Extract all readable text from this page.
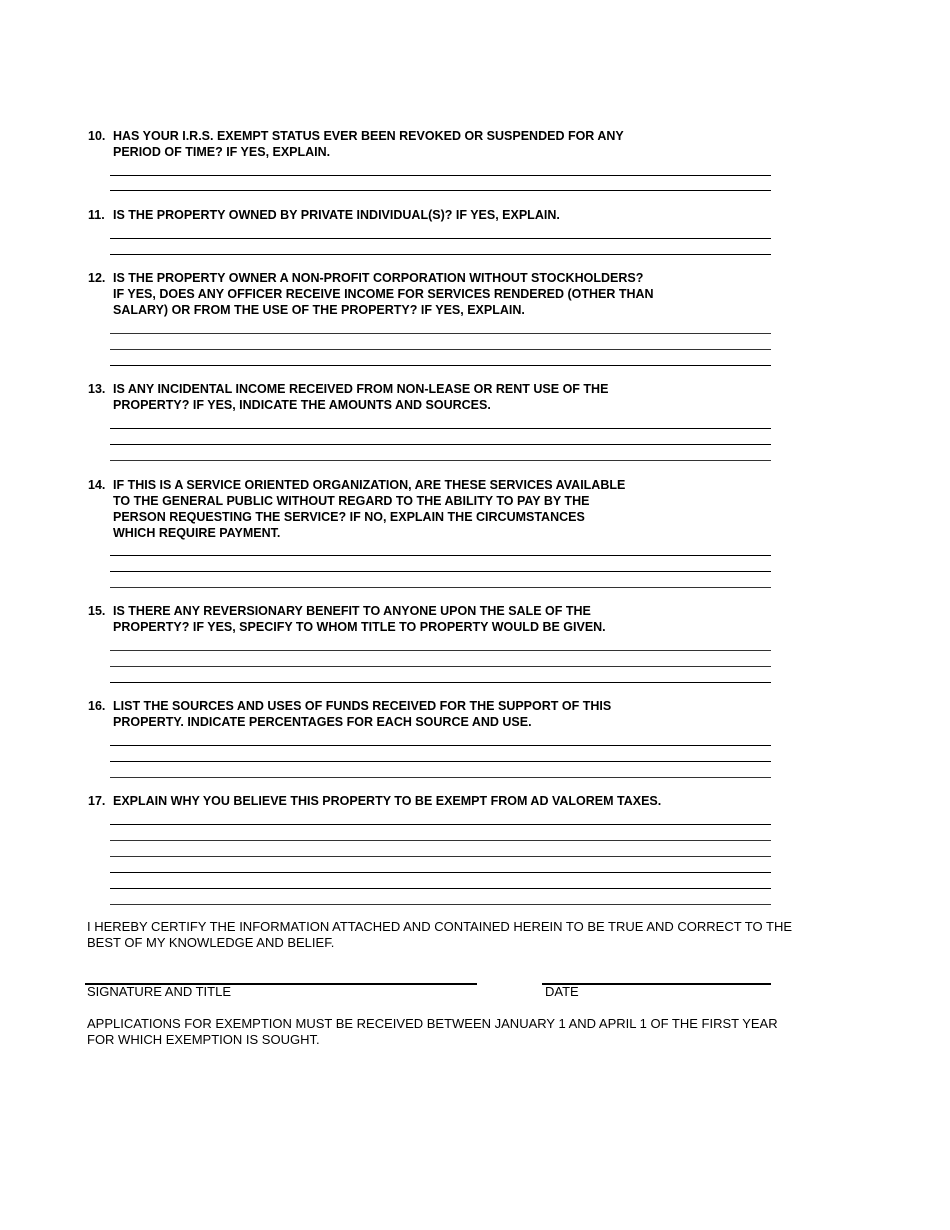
10. HAS YOUR I.R.S. EXEMPT STATUS EVER BEEN REVOKED OR SUSPENDED FOR ANY
PERIOD OF TIME? IF YES, EXPLAIN.
11. IS THE PROPERTY OWNED BY PRIVATE INDIVIDUAL(S)? IF YES, EXPLAIN.
12. IS THE PROPERTY OWNER A NON-PROFIT CORPORATION WITHOUT STOCKHOLDERS?
IF YES, DOES ANY OFFICER RECEIVE INCOME FOR SERVICES RENDERED (OTHER THAN
SALARY) OR FROM THE USE OF THE PROPERTY? IF YES, EXPLAIN.
13. IS ANY INCIDENTAL INCOME RECEIVED FROM NON-LEASE OR RENT USE OF THE
PROPERTY? IF YES, INDICATE THE AMOUNTS AND SOURCES.
14. IF THIS IS A SERVICE ORIENTED ORGANIZATION, ARE THESE SERVICES AVAILABLE
TO THE GENERAL PUBLIC WITHOUT REGARD TO THE ABILITY TO PAY BY THE
PERSON REQUESTING THE SERVICE? IF NO, EXPLAIN THE CIRCUMSTANCES
WHICH REQUIRE PAYMENT.
15. IS THERE ANY REVERSIONARY BENEFIT TO ANYONE UPON THE SALE OF THE
PROPERTY? IF YES, SPECIFY TO WHOM TITLE TO PROPERTY WOULD BE GIVEN.
16. LIST THE SOURCES AND USES OF FUNDS RECEIVED FOR THE SUPPORT OF THIS
PROPERTY. INDICATE PERCENTAGES FOR EACH SOURCE AND USE.
17. EXPLAIN WHY YOU BELIEVE THIS PROPERTY TO BE EXEMPT FROM AD VALOREM TAXES.
I HEREBY CERTIFY THE INFORMATION ATTACHED AND CONTAINED HEREIN TO BE TRUE AND CORRECT TO THE
BEST OF MY KNOWLEDGE AND BELIEF.
SIGNATURE AND TITLE	DATE
APPLICATIONS FOR EXEMPTION MUST BE RECEIVED BETWEEN JANUARY 1 AND APRIL 1 OF THE FIRST YEAR
FOR WHICH EXEMPTION IS SOUGHT.
